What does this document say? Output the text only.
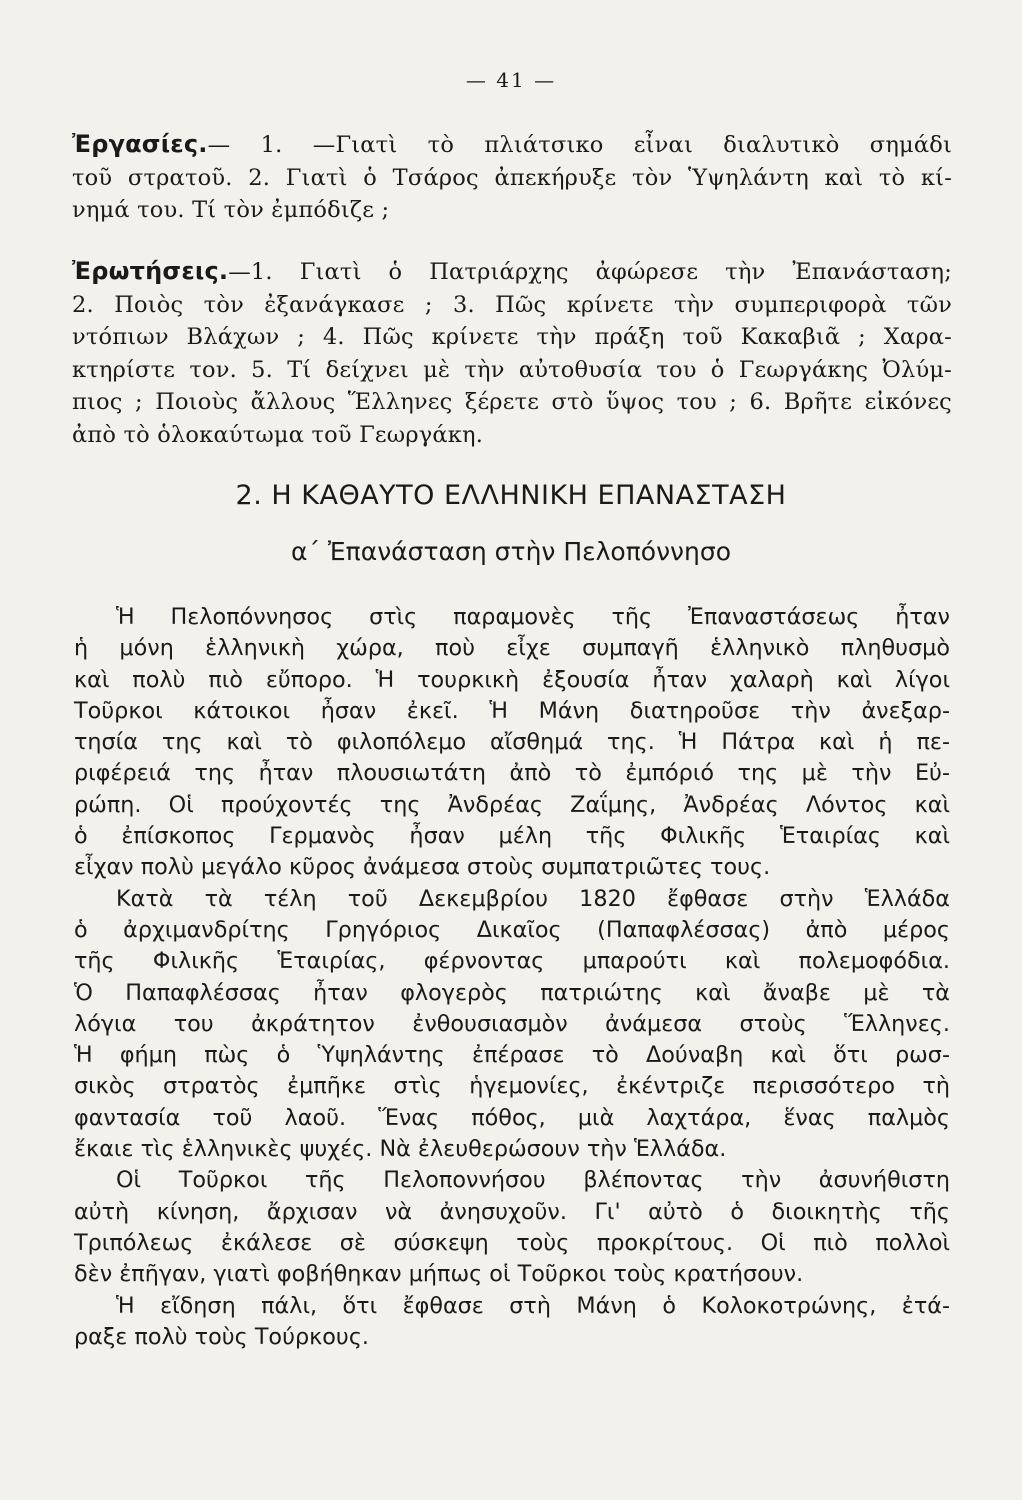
— 41 —

Ἐργασίες.— 1. —Γιατὶ τὸ πλιάτσικο εἶναι διαλυτικὸ σημάδι

τοῦ στρατοῦ. 2. Γιατὶ ὁ Τσάρος ἀπεκήρυξε τὸν Ὑψηλάντη καὶ τὸ κί-

νημά του. Τί τὸν ἐμπόδιζε ;

Ἐρωτήσεις.—1. Γιατὶ ὁ Πατριάρχης ἀφώρεσε τὴν Ἐπανάσταση;

2. Ποιὸς τὸν ἐξανάγκασε ; 3. Πῶς κρίνετε τὴν συμπεριφορὰ τῶν

ντόπιων Βλάχων ; 4. Πῶς κρίνετε τὴν πράξη τοῦ Κακαβιᾶ ; Χαρα-

κτηρίστε τον. 5. Τί δείχνει μὲ τὴν αὐτοθυσία του ὁ Γεωργάκης Ὀλύμ-

πιος ; Ποιοὺς ἄλλους Ἕλληνες ξέρετε στὸ ὕψος του ; 6. Βρῆτε εἰκόνες

ἀπὸ τὸ ὁλοκαύτωμα τοῦ Γεωργάκη.

2. Η ΚΑΘΑΥΤΟ ΕΛΛΗΝΙΚΗ ΕΠΑΝΑΣΤΑΣΗ
α΄ Ἐπανάσταση στὴν Πελοπόννησο

Ἡ Πελοπόννησος στὶς παραμονὲς τῆς Ἐπαναστάσεως ἦταν

ἡ μόνη ἑλληνικὴ χώρα, ποὺ εἶχε συμπαγῆ ἑλληνικὸ πληθυσμὸ

καὶ πολὺ πιὸ εὔπορο. Ἡ τουρκικὴ ἐξουσία ἦταν χαλαρὴ καὶ λίγοι

Τοῦρκοι κάτοικοι ἦσαν ἐκεῖ. Ἡ Μάνη διατηροῦσε τὴν ἀνεξαρ-

τησία της καὶ τὸ φιλοπόλεμο αἴσθημά της. Ἡ Πάτρα καὶ ἡ πε-

ριφέρειά της ἦταν πλουσιωτάτη ἀπὸ τὸ ἐμπόριό της μὲ τὴν Εὐ-

ρώπη. Οἱ προύχοντές της Ἀνδρέας Ζαΐμης, Ἀνδρέας Λόντος καὶ

ὁ ἐπίσκοπος Γερμανὸς ἦσαν μέλη τῆς Φιλικῆς Ἑταιρίας καὶ

εἶχαν πολὺ μεγάλο κῦρος ἀνάμεσα στοὺς συμπατριῶτες τους.

Κατὰ τὰ τέλη τοῦ Δεκεμβρίου 1820 ἔφθασε στὴν Ἑλλάδα

ὁ ἀρχιμανδρίτης Γρηγόριος Δικαῖος (Παπαφλέσσας) ἀπὸ μέρος

τῆς Φιλικῆς Ἑταιρίας, φέρνοντας μπαρούτι καὶ πολεμοφόδια.

Ὁ Παπαφλέσσας ἦταν φλογερὸς πατριώτης καὶ ἄναβε μὲ τὰ

λόγια του ἀκράτητον ἐνθουσιασμὸν ἀνάμεσα στοὺς Ἕλληνες.

Ἡ φήμη πὼς ὁ Ὑψηλάντης ἐπέρασε τὸ Δούναβη καὶ ὅτι ρωσ-

σικὸς στρατὸς ἐμπῆκε στὶς ἡγεμονίες, ἐκέντριζε περισσότερο τὴ

φαντασία τοῦ λαοῦ. Ἕνας πόθος, μιὰ λαχτάρα, ἕνας παλμὸς

ἔκαιε τὶς ἑλληνικὲς ψυχές. Νὰ ἐλευθερώσουν τὴν Ἑλλάδα.

Οἱ Τοῦρκοι τῆς Πελοποννήσου βλέποντας τὴν ἀσυνήθιστη

αὐτὴ κίνηση, ἄρχισαν νὰ ἀνησυχοῦν. Γι' αὐτὸ ὁ διοικητὴς τῆς

Τριπόλεως ἐκάλεσε σὲ σύσκεψη τοὺς προκρίτους. Οἱ πιὸ πολλοὶ

δὲν ἐπῆγαν, γιατὶ φοβήθηκαν μήπως οἱ Τοῦρκοι τοὺς κρατήσουν.

Ἡ εἴδηση πάλι, ὅτι ἔφθασε στὴ Μάνη ὁ Κολοκοτρώνης, ἐτά-

ραξε πολὺ τοὺς Τούρκους.
